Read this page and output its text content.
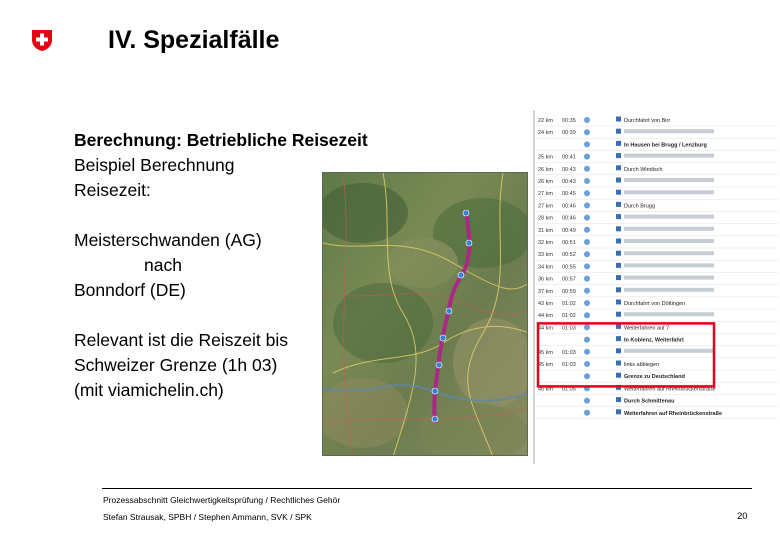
IV. Spezialfälle
Berechnung: Betriebliche Reisezeit
Beispiel Berechnung
Reisezeit:
Meisterschwanden (AG)
nach
Bonndorf (DE)
Relevant ist die Reiszeit bis
Schweizer Grenze (1h 03)
(mit viamichelin.ch)
22 km 00:35	Durchfahrt von Birr
24 km 00:39
In Hausen bei Brugg / Lenzburg
25 km 00:41
26 km 00:43	Durch Windisch
26 km 00:43
27 km 00:45
27 km 00:46	Durch Brugg
28 km 00:46
31 km 00:49
32 km 00:51
33 km 00:52
34 km 00:55
36 km 00:57
37 km 00:59
43 km 01:02	Durchfahrt von Döttingen
44 km 01:02
44 km 01:03	Weiterfahren auf 7
In Koblenz, Weiterfahrt
45 km 01:03
45 km 01:03	links abbiegen
Grenze zu Deutschland
46 km 01:05	Weiterfahren auf Rheinbrückenstraße
Durch Schmittenau
Weiterfahren auf Rheinbrückenstraße
Prozessabschnitt Gleichwertigkeitsprüfung / Rechtliches Gehör
Stefan Strausak, SPBH / Stephen Ammann, SVK / SPK	20
